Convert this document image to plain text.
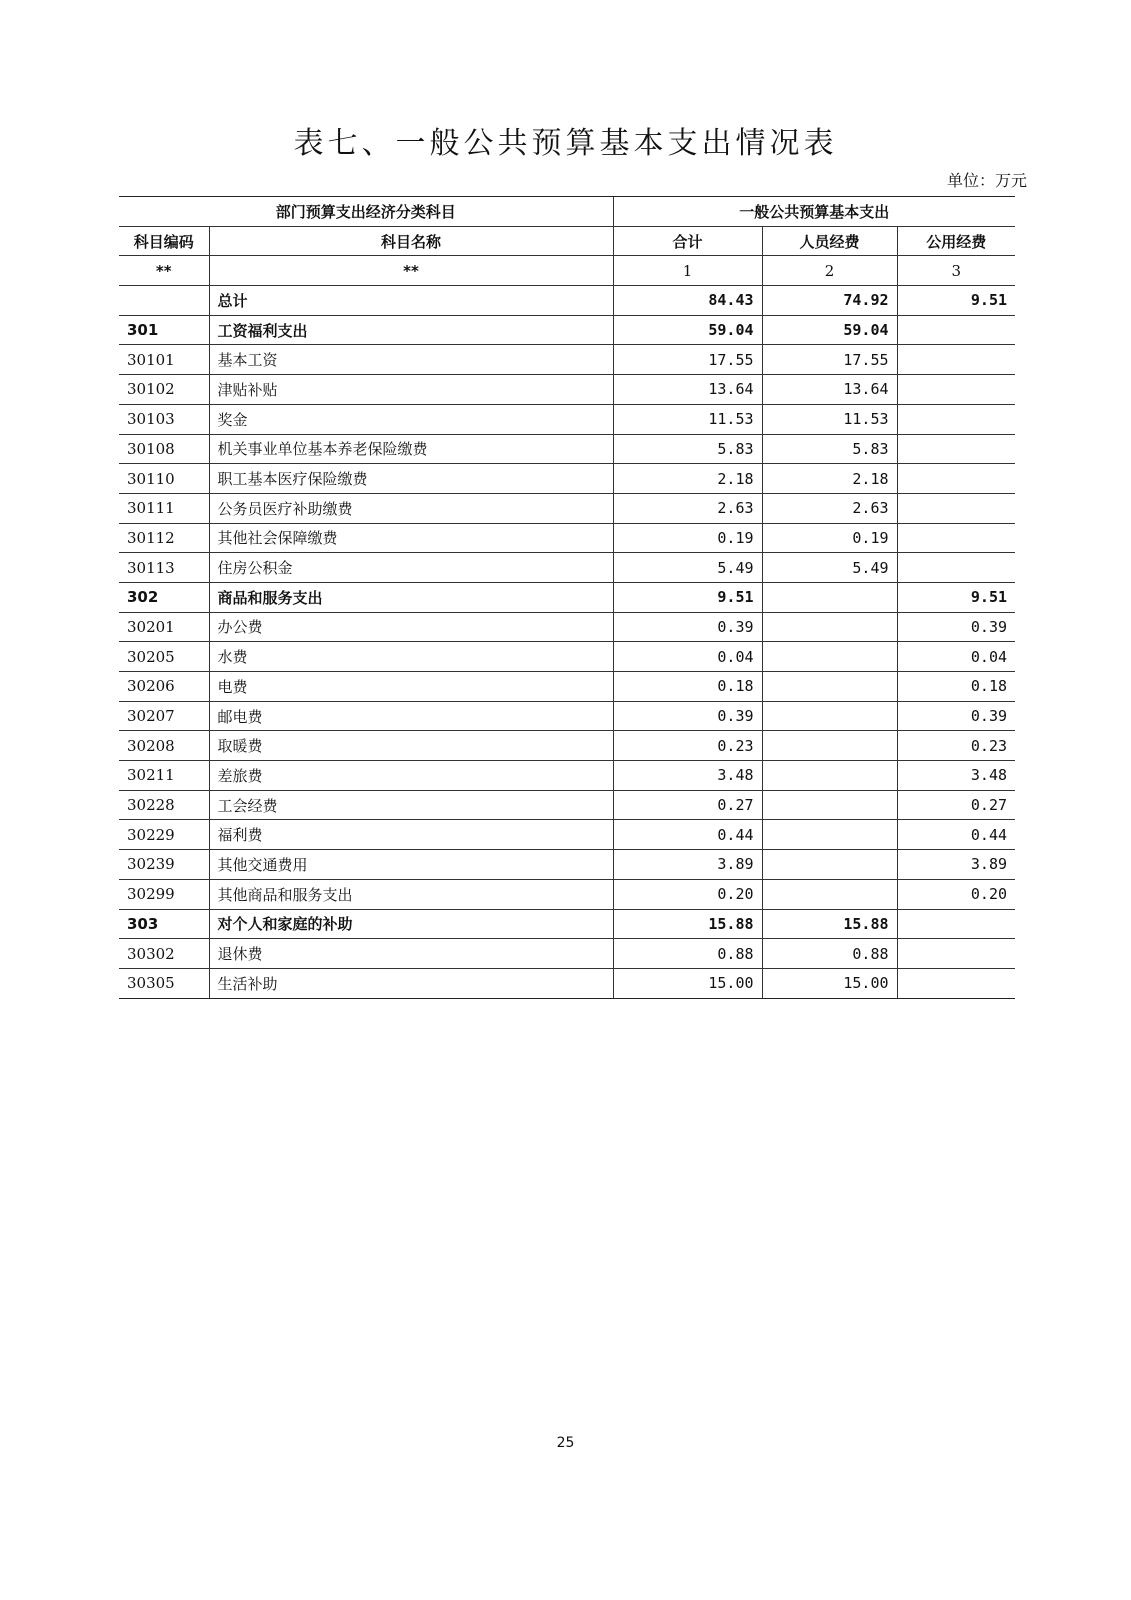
表七、一般公共预算基本支出情况表
单位：万元
部门预算支出经济分类科目		一般公共预算基本支出		
科目编码	科目名称	合计	人员经费	公用经费
**	**	1	2	3
	总计	84.43	74.92	9.51
301	工资福利支出	59.04	59.04	
30101	基本工资	17.55	17.55	
30102	津贴补贴	13.64	13.64	
30103	奖金	11.53	11.53	
30108	机关事业单位基本养老保险缴费	5.83	5.83	
30110	职工基本医疗保险缴费	2.18	2.18	
30111	公务员医疗补助缴费	2.63	2.63	
30112	其他社会保障缴费	0.19	0.19	
30113	住房公积金	5.49	5.49	
302	商品和服务支出	9.51		9.51
30201	办公费	0.39		0.39
30205	水费	0.04		0.04
30206	电费	0.18		0.18
30207	邮电费	0.39		0.39
30208	取暖费	0.23		0.23
30211	差旅费	3.48		3.48
30228	工会经费	0.27		0.27
30229	福利费	0.44		0.44
30239	其他交通费用	3.89		3.89
30299	其他商品和服务支出	0.20		0.20
303	对个人和家庭的补助	15.88	15.88	
30302	退休费	0.88	0.88	
30305	生活补助	15.00	15.00	
25
